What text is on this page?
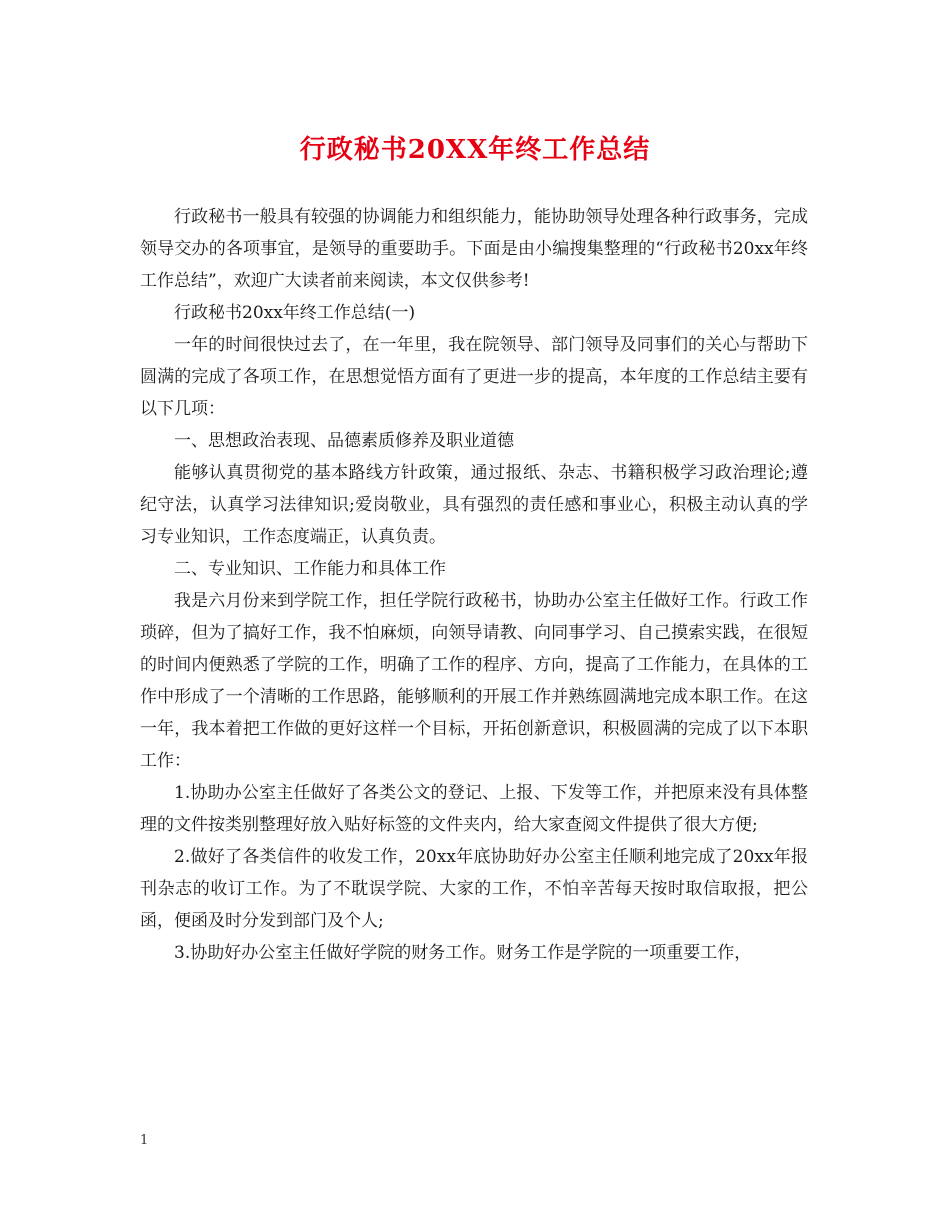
行政秘书20XX年终工作总结

行政秘书一般具有较强的协调能力和组织能力，能协助领导处理各种行政事务，完成领导交办的各项事宜，是领导的重要助手。下面是由小编搜集整理的“行政秘书20xx年终工作总结”，欢迎广大读者前来阅读，本文仅供参考!

行政秘书20xx年终工作总结(一)

一年的时间很快过去了，在一年里，我在院领导、部门领导及同事们的关心与帮助下圆满的完成了各项工作，在思想觉悟方面有了更进一步的提高，本年度的工作总结主要有以下几项：

一、思想政治表现、品德素质修养及职业道德

能够认真贯彻党的基本路线方针政策，通过报纸、杂志、书籍积极学习政治理论;遵纪守法，认真学习法律知识;爱岗敬业，具有强烈的责任感和事业心，积极主动认真的学习专业知识，工作态度端正，认真负责。

二、专业知识、工作能力和具体工作

我是六月份来到学院工作，担任学院行政秘书，协助办公室主任做好工作。行政工作琐碎，但为了搞好工作，我不怕麻烦，向领导请教、向同事学习、自己摸索实践，在很短的时间内便熟悉了学院的工作，明确了工作的程序、方向，提高了工作能力，在具体的工作中形成了一个清晰的工作思路，能够顺利的开展工作并熟练圆满地完成本职工作。在这一年，我本着把工作做的更好这样一个目标，开拓创新意识，积极圆满的完成了以下本职工作：

1.协助办公室主任做好了各类公文的登记、上报、下发等工作，并把原来没有具体整理的文件按类别整理好放入贴好标签的文件夹内，给大家查阅文件提供了很大方便;

2.做好了各类信件的收发工作，20xx年底协助好办公室主任顺利地完成了20xx年报刊杂志的收订工作。为了不耽误学院、大家的工作，不怕辛苦每天按时取信取报，把公函，便函及时分发到部门及个人;

3.协助好办公室主任做好学院的财务工作。财务工作是学院的一项重要工作，

1
